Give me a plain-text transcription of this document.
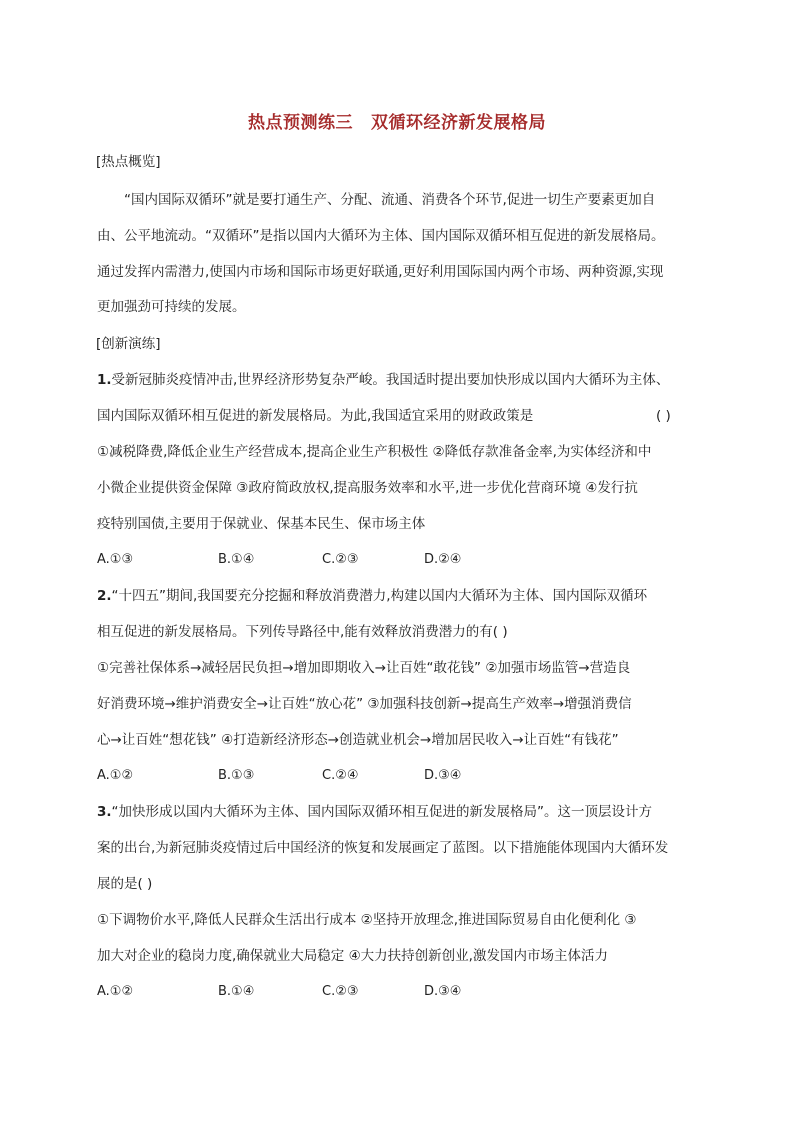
热点预测练三 双循环经济新发展格局
[热点概览]
“国内国际双循环”就是要打通生产、分配、流通、消费各个环节,促进一切生产要素更加自
由、公平地流动。“双循环”是指以国内大循环为主体、国内国际双循环相互促进的新发展格局。
通过发挥内需潜力,使国内市场和国际市场更好联通,更好利用国际国内两个市场、两种资源,实现
更加强劲可持续的发展。
[创新演练]
1.受新冠肺炎疫情冲击,世界经济形势复杂严峻。我国适时提出要加快形成以国内大循环为主体、
国内国际双循环相互促进的新发展格局。为此,我国适宜采用的财政政策是	( )
①减税降费,降低企业生产经营成本,提高企业生产积极性 ②降低存款准备金率,为实体经济和中
小微企业提供资金保障 ③政府简政放权,提高服务效率和水平,进一步优化营商环境 ④发行抗
疫特别国债,主要用于保就业、保基本民生、保市场主体
A.①③	B.①④	C.②③	D.②④
2.“十四五”期间,我国要充分挖掘和释放消费潜力,构建以国内大循环为主体、国内国际双循环
相互促进的新发展格局。下列传导路径中,能有效释放消费潜力的有( )
①完善社保体系→减轻居民负担→增加即期收入→让百姓“敢花钱” ②加强市场监管→营造良
好消费环境→维护消费安全→让百姓“放心花” ③加强科技创新→提高生产效率→增强消费信
心→让百姓“想花钱” ④打造新经济形态→创造就业机会→增加居民收入→让百姓“有钱花”
A.①②	B.①③	C.②④	D.③④
3.“加快形成以国内大循环为主体、国内国际双循环相互促进的新发展格局”。这一顶层设计方
案的出台,为新冠肺炎疫情过后中国经济的恢复和发展画定了蓝图。以下措施能体现国内大循环发
展的是( )
①下调物价水平,降低人民群众生活出行成本 ②坚持开放理念,推进国际贸易自由化便利化 ③
加大对企业的稳岗力度,确保就业大局稳定 ④大力扶持创新创业,激发国内市场主体活力
A.①②	B.①④	C.②③	D.③④
